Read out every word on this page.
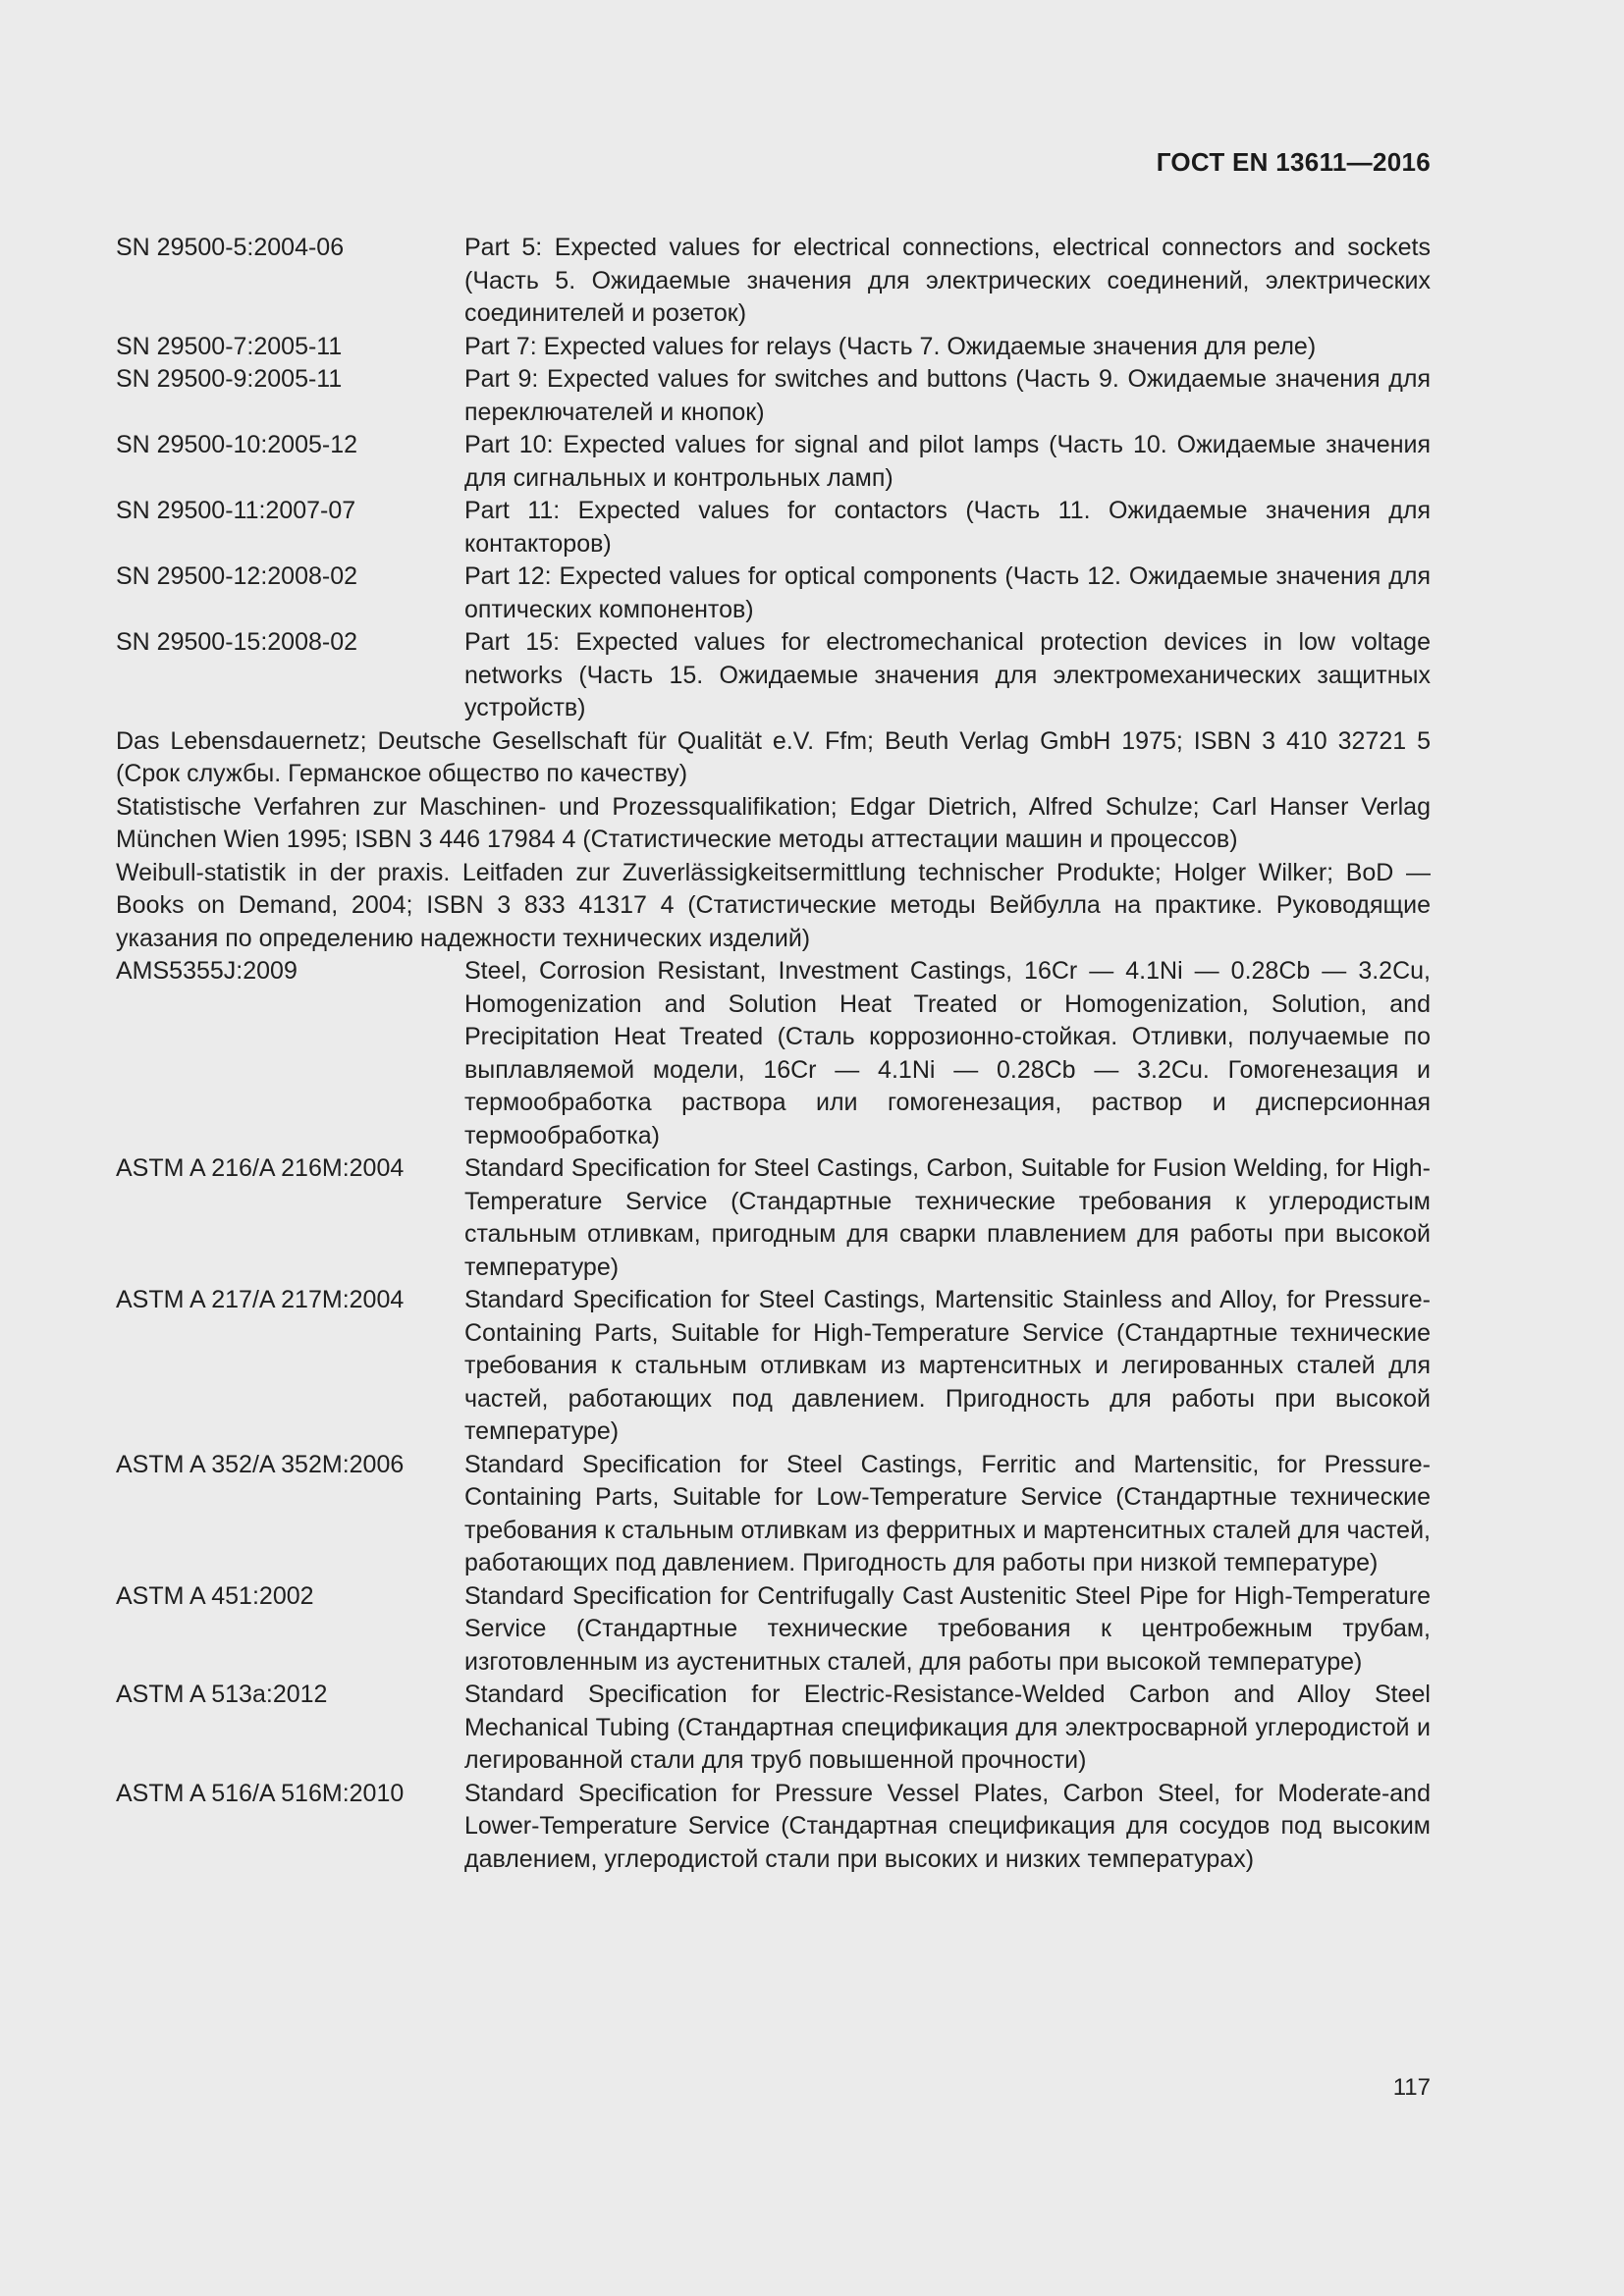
ГОСТ EN 13611—2016
SN 29500-5:2004-06	Part 5: Expected values for electrical connections, electrical connectors and sockets (Часть 5. Ожидаемые значения для электрических соединений, электрических соединителей и розеток)
SN 29500-7:2005-11	Part 7: Expected values for relays (Часть 7. Ожидаемые значения для реле)
SN 29500-9:2005-11	Part 9: Expected values for switches and buttons (Часть 9. Ожидаемые значения для переключателей и кнопок)
SN 29500-10:2005-12	Part 10: Expected values for signal and pilot lamps (Часть 10. Ожидаемые значения для сигнальных и контрольных ламп)
SN 29500-11:2007-07	Part 11: Expected values for contactors (Часть 11. Ожидаемые значения для контакторов)
SN 29500-12:2008-02	Part 12: Expected values for optical components (Часть 12. Ожидаемые значения для оптических компонентов)
SN 29500-15:2008-02	Part 15: Expected values for electromechanical protection devices in low voltage networks (Часть 15. Ожидаемые значения для электромеханических защитных устройств)

Das Lebensdauernetz; Deutsche Gesellschaft für Qualität e.V. Ffm; Beuth Verlag GmbH 1975; ISBN 3 410 32721 5 (Срок службы. Германское общество по качеству)

Statistische Verfahren zur Maschinen- und Prozessqualifikation; Edgar Dietrich, Alfred Schulze; Carl Hanser Verlag München Wien 1995; ISBN 3 446 17984 4 (Статистические методы аттестации машин и процессов)

Weibull-statistik in der praxis. Leitfaden zur Zuverlässigkeitsermittlung technischer Produkte; Holger Wilker; BoD — Books on Demand, 2004; ISBN 3 833 41317 4 (Статистические методы Вейбулла на практике. Руководящие указания по определению надежности технических изделий)

AMS5355J:2009	Steel, Corrosion Resistant, Investment Castings, 16Cr — 4.1Ni — 0.28Cb — 3.2Cu, Homogenization and Solution Heat Treated or Homogenization, Solution, and Precipitation Heat Treated (Сталь коррозионно-стойкая. Отливки, получаемые по выплавляемой модели, 16Cr — 4.1Ni — 0.28Cb — 3.2Cu. Гомогенезация и термообработка раствора или гомогенезация, раствор и дисперсионная термообработка)
ASTM A 216/A 216M:2004	Standard Specification for Steel Castings, Carbon, Suitable for Fusion Welding, for High-Temperature Service (Стандартные технические требования к углеродистым стальным отливкам, пригодным для сварки плавлением для работы при высокой температуре)
ASTM A 217/A 217M:2004	Standard Specification for Steel Castings, Martensitic Stainless and Alloy, for Pressure-Containing Parts, Suitable for High-Temperature Service (Стандартные технические требования к стальным отливкам из мартенситных и легированных сталей для частей, работающих под давлением. Пригодность для работы при высокой температуре)
ASTM A 352/A 352M:2006	Standard Specification for Steel Castings, Ferritic and Martensitic, for Pressure-Containing Parts, Suitable for Low-Temperature Service (Стандартные технические требования к стальным отливкам из ферритных и мартенситных сталей для частей, работающих под давлением. Пригодность для работы при низкой температуре)
ASTM A 451:2002	Standard Specification for Centrifugally Cast Austenitic Steel Pipe for High-Temperature Service (Стандартные технические требования к центробежным трубам, изготовленным из аустенитных сталей, для работы при высокой температуре)
ASTM A 513a:2012	Standard Specification for Electric-Resistance-Welded Carbon and Alloy Steel Mechanical Tubing (Стандартная спецификация для электросварной углеродистой и легированной стали для труб повышенной прочности)
ASTM A 516/A 516M:2010	Standard Specification for Pressure Vessel Plates, Carbon Steel, for Moderate-and Lower-Temperature Service (Стандартная спецификация для сосудов под высоким давлением, углеродистой стали при высоких и низких температурах)
117
